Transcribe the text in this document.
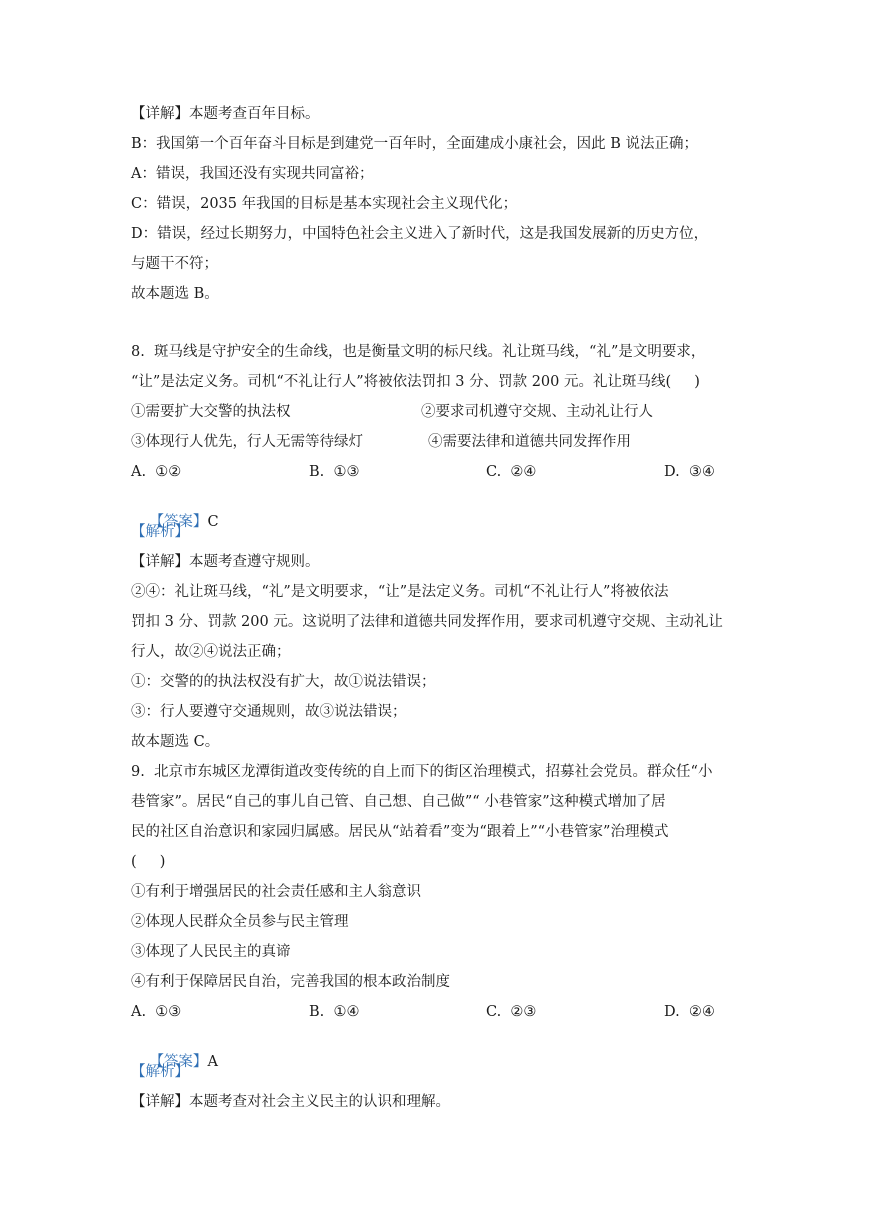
【详解】本题考查百年目标。
B：我国第一个百年奋斗目标是到建党一百年时，全面建成小康社会，因此 B 说法正确；
A：错误，我国还没有实现共同富裕；
C：错误，2035 年我国的目标是基本实现社会主义现代化；
D：错误，经过长期努力，中国特色社会主义进入了新时代，这是我国发展新的历史方位，
与题干不符；
故本题选 B。
8.  斑马线是守护安全的生命线，也是衡量文明的标尺线。礼让斑马线，“礼”是文明要求，
“让”是法定义务。司机“不礼让行人”将被依法罚扣 3 分、罚款 200 元。礼让斑马线(     )
①需要扩大交警的执法权	②要求司机遵守交规、主动礼让行人
③体现行人优先，行人无需等待绿灯	④需要法律和道德共同发挥作用
A.  ①②	B.  ①③	C.  ②④	D.  ③④

【答案】C

【解析】
【详解】本题考查遵守规则。
②④：礼让斑马线，“礼”是文明要求，“让”是法定义务。司机“不礼让行人”将被依法
罚扣 3 分、罚款 200 元。这说明了法律和道德共同发挥作用，要求司机遵守交规、主动礼让
行人，故②④说法正确；
①：交警的的执法权没有扩大，故①说法错误；
③：行人要遵守交通规则，故③说法错误；
故本题选 C。
9.  北京市东城区龙潭街道改变传统的自上而下的街区治理模式，招募社会党员。群众任“小
巷管家”。居民“自己的事儿自己管、自己想、自己做”“ 小巷管家”这种模式增加了居
民的社区自治意识和家园归属感。居民从“站着看”变为“跟着上”“小巷管家”治理模式
(     )
①有利于增强居民的社会责任感和主人翁意识
②体现人民群众全员参与民主管理
③体现了人民民主的真谛
④有利于保障居民自治，完善我国的根本政治制度
A.  ①③	B.  ①④	C.  ②③	D.  ②④

【答案】A

【解析】
【详解】本题考查对社会主义民主的认识和理解。
